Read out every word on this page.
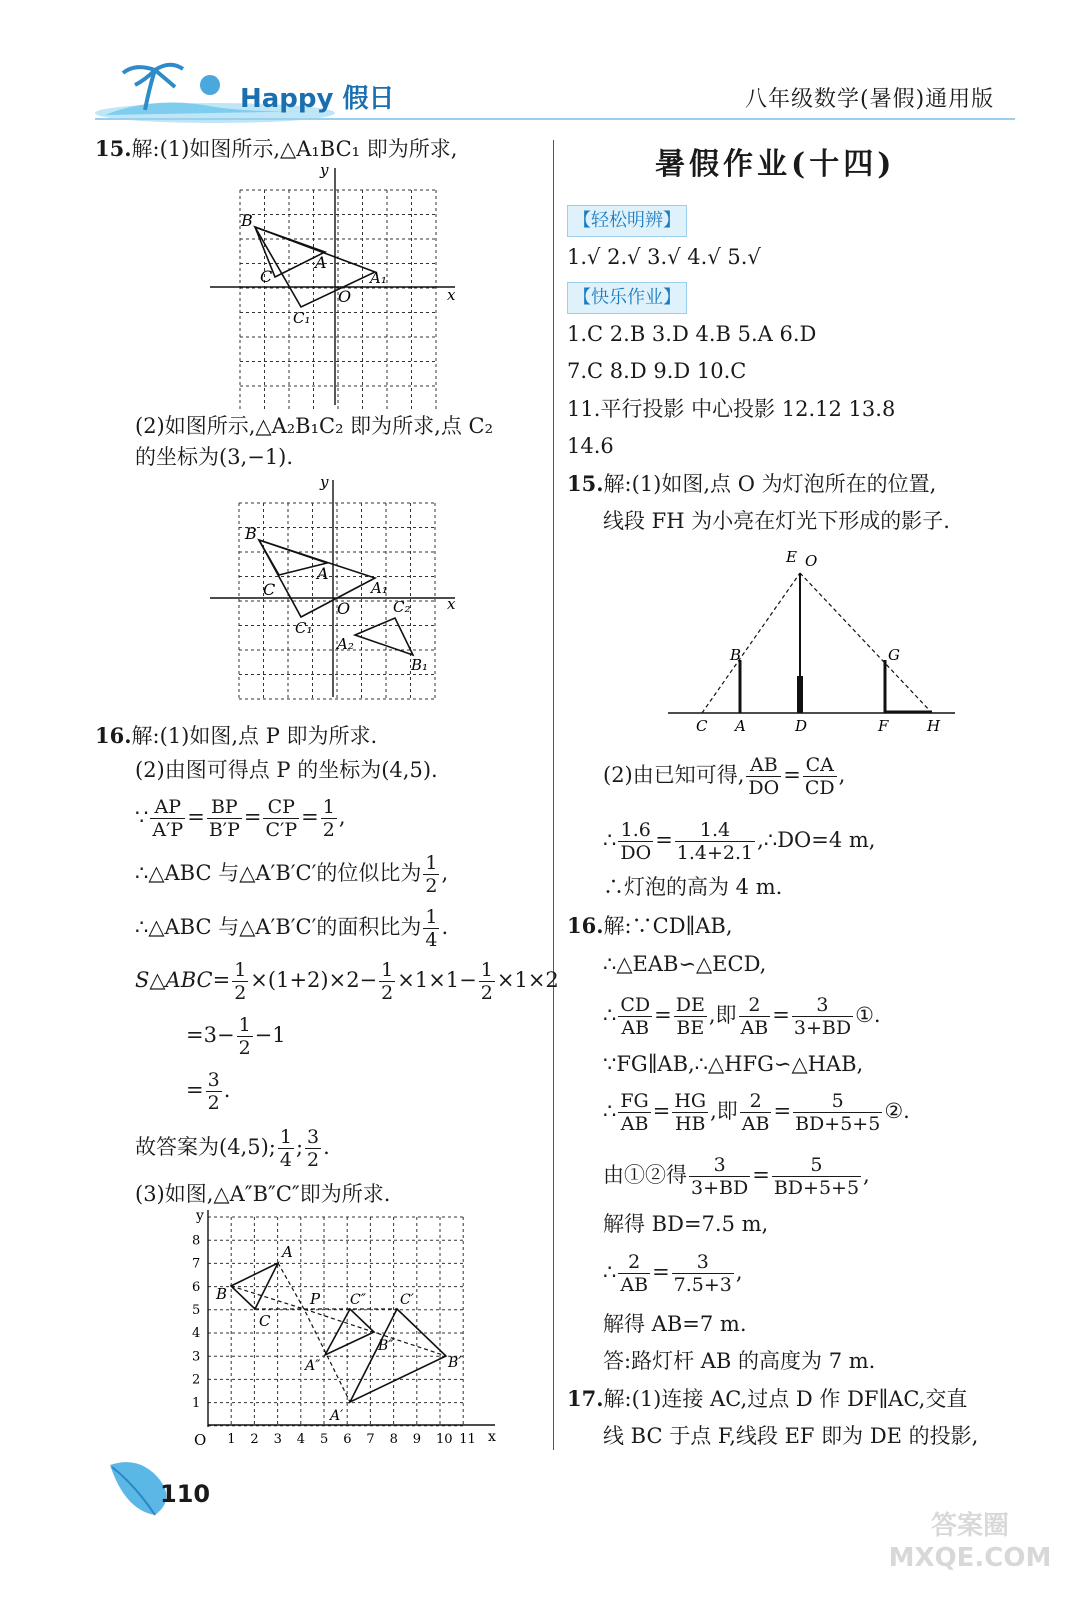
Happy 假日	八年级数学(暑假)通用版
15.解:(1)如图所示,△A₁BC₁ 即为所求,
y
x
B
A
A₁
C
O
C₁
(2)如图所示,△A₂B₁C₂ 即为所求,点 C₂
的坐标为(3,−1).
y
x
B
A
A₁
C
O	C₂
C₁
A₂
B₁
16.解:(1)如图,点 P 即为所求.
(2)由图可得点 P 的坐标为(4,5).
∵ $\frac{AP}{A'P} = \frac{BP}{B'P} = \frac{CP}{C'P} = \frac{1}{2}$ ,
∴△ABC 与△A′B′C′的位似比为 $\frac{1}{2}$ ,
∴△ABC 与△A′B′C′的面积比为 $\frac{1}{4}$ .
S△ABC= $\frac{1}{2} \times(1+2)\times 2- \frac{1}{2} \times 1\times 1- \frac{1}{2} \times 1\times 2$
$=3- \frac{1}{2} -1$
= $\frac{3}{2}$ .
故答案为(4,5); $\frac{1}{4}$ ; $\frac{3}{2}$ .
(3)如图,△A″B″C″即为所求.
1 2 3 4 5 6 7 8 9 10 11
1
2
3
4
5
6
7
8
y
x
O
A
B
C
P C″ C′
B″
A″	B′
A′
暑假作业(十四)
【轻松明辨】
1.√ 2.√ 3.√ 4.√ 5.√
【快乐作业】
1.C 2.B 3.D 4.B 5.A 6.D
7.C 8.D 9.D 10.C
11.平行投影 中心投影 12.12 13.8
14.6
15.解:(1)如图,点 O 为灯泡所在的位置,
线段 FH 为小亮在灯光下形成的影子.
E O
B	G
C A	D	F	H
(2)由已知可得, $\frac{AB}{DO} = \frac{CA}{CD}$ ,
∴ $\frac{1.6}{DO} = \frac{1.4}{1.4+2.1}$ ,∴DO=4 m,
∴灯泡的高为 4 m.
16.解:∵CD∥AB,
∴△EAB∽△ECD,
∴ $\frac{CD}{AB} = \frac{DE}{BE}$ ,即 $\frac{2}{AB} = \frac{3}{3+BD}$ ①.
∵FG∥AB,∴△HFG∽△HAB,
∴ $\frac{FG}{AB} = \frac{HG}{HB}$ ,即 $\frac{2}{AB} = \frac{5}{BD+5+5}$ ②.
由①②得 $\frac{3}{3+BD} = \frac{5}{BD+5+5}$ ,
解得 BD=7.5 m,
∴ $\frac{2}{AB} = \frac{3}{7.5+3}$ ,
解得 AB=7 m.
答:路灯杆 AB 的高度为 7 m.
17.解:(1)连接 AC,过点 D 作 DF∥AC,交直
线 BC 于点 F,线段 EF 即为 DE 的投影,
110
答案圈 MXQE.COM
